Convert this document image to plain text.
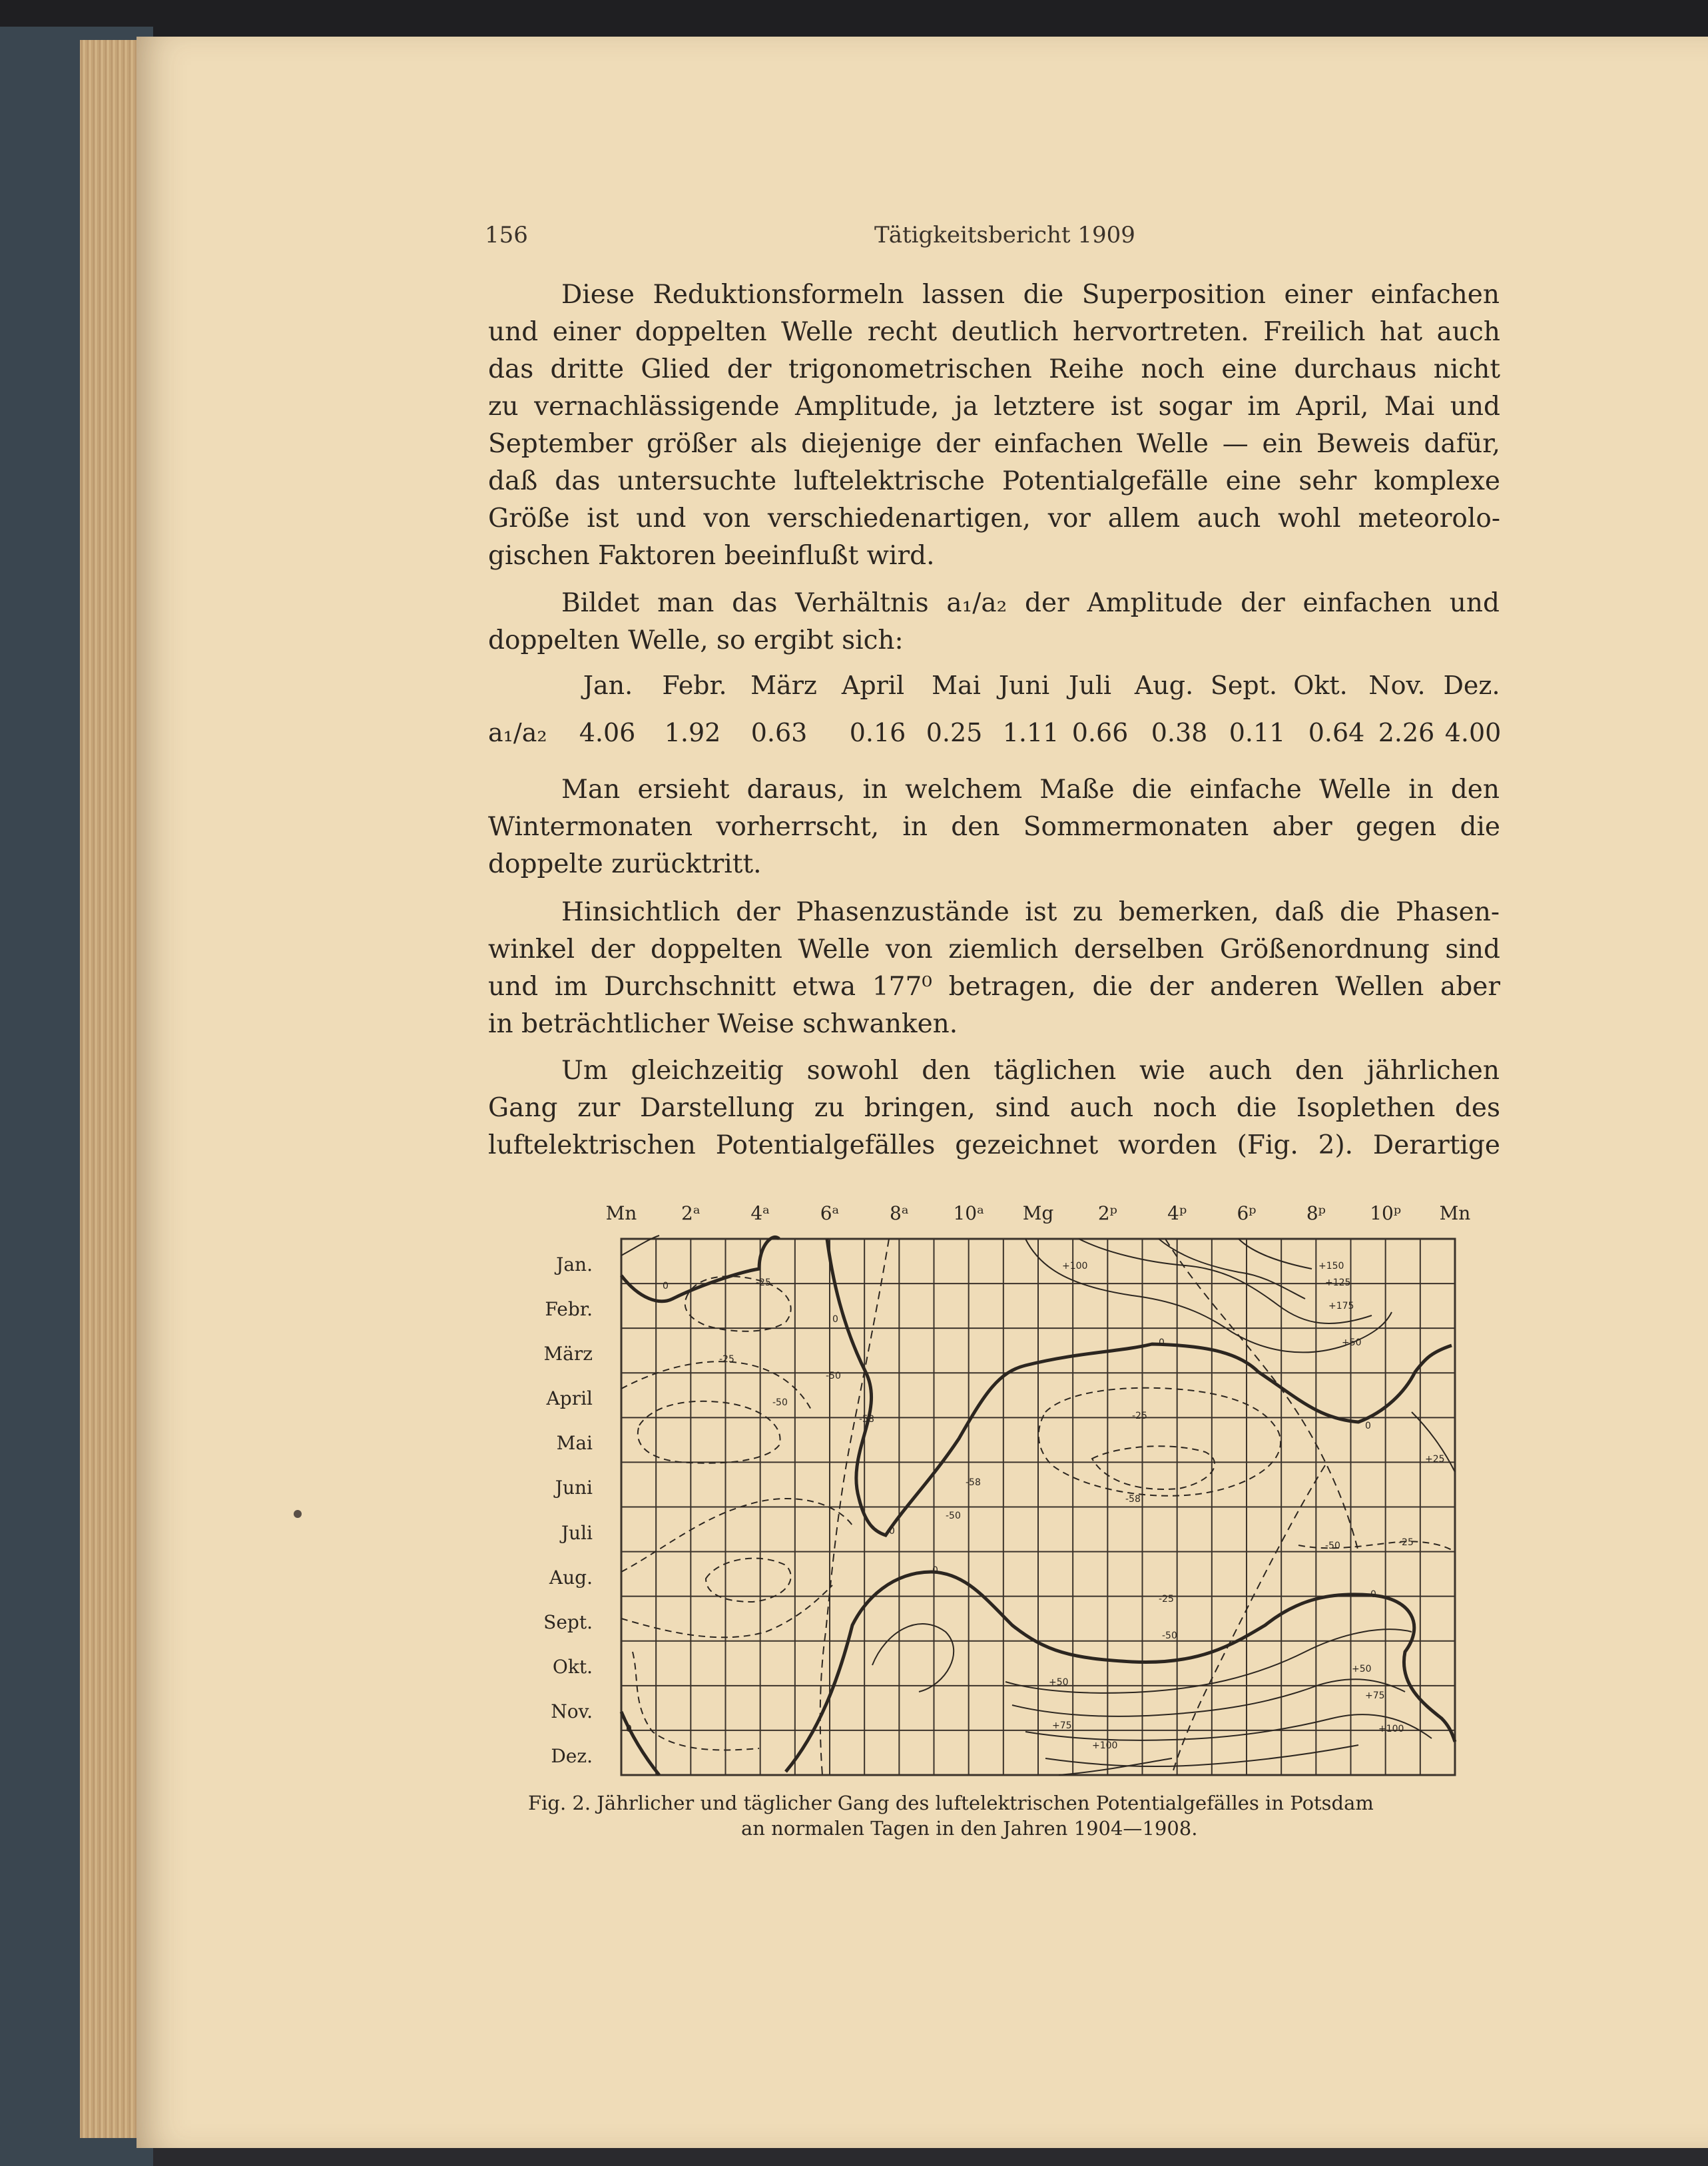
156	Tätigkeitsbericht 1909
Diese Reduktionsformeln lassen die Superposition einer einfachen
und einer doppelten Welle recht deutlich hervortreten. Freilich hat auch
das dritte Glied der trigonometrischen Reihe noch eine durchaus nicht
zu vernachlässigende Amplitude, ja letztere ist sogar im April, Mai und
September größer als diejenige der einfachen Welle — ein Beweis dafür,
daß das untersuchte luftelektrische Potentialgefälle eine sehr komplexe
Größe ist und von verschiedenartigen, vor allem auch wohl meteorolo-
gischen Faktoren beeinflußt wird.
Bildet man das Verhältnis a₁/a₂ der Amplitude der einfachen und
doppelten Welle, so ergibt sich:
Jan. Febr. März April Mai Juni Juli Aug. Sept. Okt. Nov. Dez.
a₁/a₂	4.06 1.92 0.63 0.16 0.25 1.11 0.66 0.38 0.11 0.64 2.26 4.00
Man ersieht daraus, in welchem Maße die einfache Welle in den
Wintermonaten vorherrscht, in den Sommermonaten aber gegen die
doppelte zurücktritt.
Hinsichtlich der Phasenzustände ist zu bemerken, daß die Phasen-
winkel der doppelten Welle von ziemlich derselben Größenordnung sind
und im Durchschnitt etwa 177⁰ betragen, die der anderen Wellen aber
in beträchtlicher Weise schwanken.
Um gleichzeitig sowohl den täglichen wie auch den jährlichen
Gang zur Darstellung zu bringen, sind auch noch die Isoplethen des
luftelektrischen Potentialgefälles gezeichnet worden (Fig. 2). Derartige
0	-25
-25
-50
-58
-50
-50
-58
-25
-58
+100	+150
+125
+175
+50
-50	-25
+25
+50
+75
+100
+50
+75
+100
-25
-50
0
0
0
0
0
0
0
Mn	2ᵃ	4ᵃ	6ᵃ	8ᵃ	10ᵃ Mg	2ᵖ	4ᵖ	6ᵖ	8ᵖ	10ᵖ Mn
Jan.
Febr.
März
April
Mai
Juni
Juli
Aug.
Sept.
Okt.
Nov.
Dez.
Fig. 2. Jährlicher und täglicher Gang des luftelektrischen Potentialgefälles in Potsdam
an normalen Tagen in den Jahren 1904—1908.
